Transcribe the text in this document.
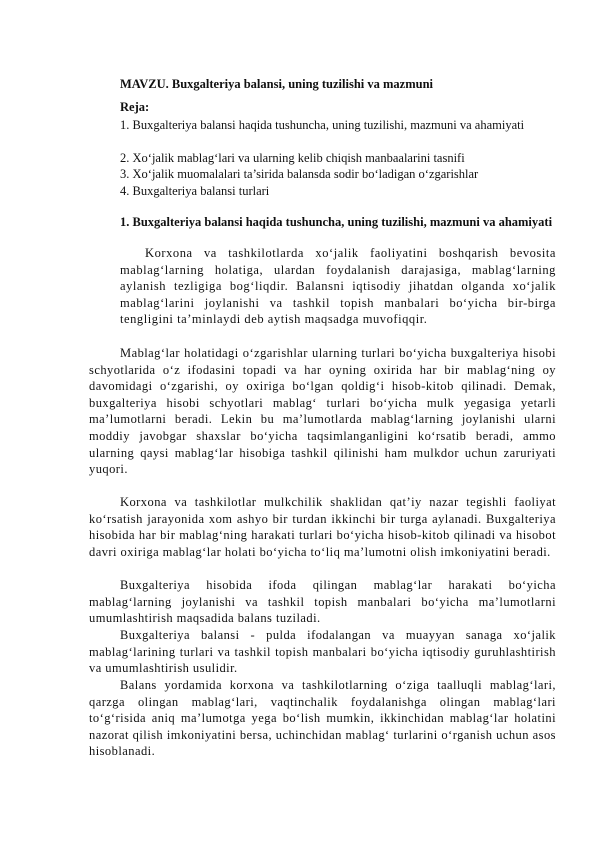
MAVZU. Buxgalteriya balansi, uning tuzilishi va mazmuni
Reja:
1. Buxgalteriya balansi haqida tushuncha, uning tuzilishi, mazmuni va ahamiyati
2. Xo‘jalik mablag‘lari va ularning kelib chiqish manbaalarini tasnifi
3. Xo‘jalik muomalalari ta’sirida balansda sodir bo‘ladigan o‘zgarishlar
4. Buxgalteriya balansi turlari
1. Buxgalteriya balansi haqida tushuncha, uning tuzilishi, mazmuni va ahamiyati
Korxona va tashkilotlarda xo‘jalik faoliyatini boshqarish bevosita mablag‘larning holatiga, ulardan foydalanish darajasiga, mablag‘larning aylanish tezligiga bog‘liqdir. Balansni iqtisodiy jihatdan olganda xo‘jalik mablag‘larini joylanishi va tashkil topish manbalari bo‘yicha bir-birga tengligini ta’minlaydi deb aytish maqsadga muvofiqqir.
Mablag‘lar holatidagi o‘zgarishlar ularning turlari bo‘yicha buxgalteriya hisobi schyotlarida o‘z ifodasini topadi va har oyning oxirida har bir mablag‘ning oy davomidagi o‘zgarishi, oy oxiriga bo‘lgan qoldig‘i hisob-kitob qilinadi. Demak, buxgalteriya hisobi schyotlari mablag‘ turlari bo‘yicha mulk yegasiga yetarli ma’lumotlarni beradi. Lekin bu ma’lumotlarda mablag‘larning joylanishi ularni moddiy javobgar shaxslar bo‘yicha taqsimlanganligini ko‘rsatib beradi, ammo ularning qaysi mablag‘lar hisobiga tashkil qilinishi ham mulkdor uchun zaruriyati yuqori.
Korxona va tashkilotlar mulkchilik shaklidan qat’iy nazar tegishli faoliyat ko‘rsatish jarayonida xom ashyo bir turdan ikkinchi bir turga aylanadi. Buxgalteriya hisobida har bir mablag‘ning harakati turlari bo‘yicha hisob-kitob qilinadi va hisobot davri oxiriga mablag‘lar holati bo‘yicha to‘liq ma’lumotni olish imkoniyatini beradi.
Buxgalteriya hisobida ifoda qilingan mablag‘lar harakati bo‘yicha mablag‘larning joylanishi va tashkil topish manbalari bo‘yicha ma’lumotlarni umumlashtirish maqsadida balans tuziladi.
Buxgalteriya balansi - pulda ifodalangan va muayyan sanaga xo‘jalik mablag‘larining turlari va tashkil topish manbalari bo‘yicha iqtisodiy guruhlashtirish va umumlashtirish usulidir.
Balans yordamida korxona va tashkilotlarning o‘ziga taalluqli mablag‘lari, qarzga olingan mablag‘lari, vaqtinchalik foydalanishga olingan mablag‘lari to‘g‘risida aniq ma’lumotga yega bo‘lish mumkin, ikkinchidan mablag‘lar holatini nazorat qilish imkoniyatini bersa, uchinchidan mablag‘ turlarini o‘rganish uchun asos hisoblanadi.
